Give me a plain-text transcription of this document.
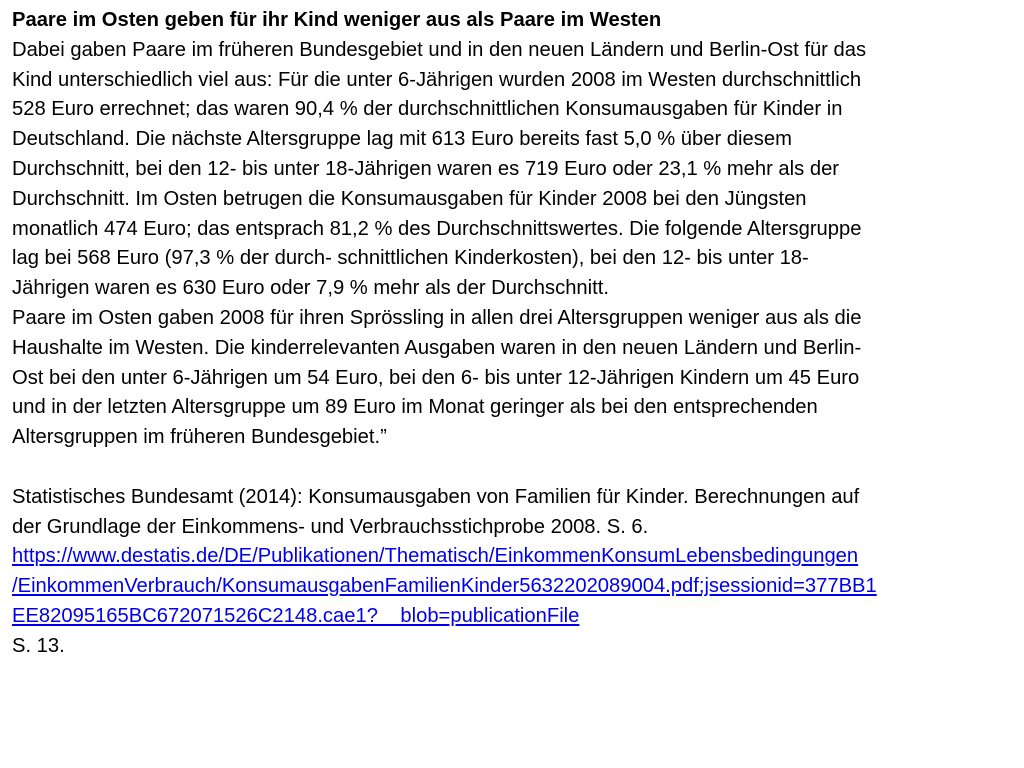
Paare im Osten geben für ihr Kind weniger aus als Paare im Westen
Dabei gaben Paare im früheren Bundesgebiet und in den neuen Ländern und Berlin-Ost für das
Kind unterschiedlich viel aus: Für die unter 6-Jährigen wurden 2008 im Westen durchschnittlich
528 Euro errechnet; das waren 90,4 % der durchschnittlichen Konsumausgaben für Kinder in
Deutschland. Die nächste Altersgruppe lag mit 613 Euro bereits fast 5,0 % über diesem
Durchschnitt, bei den 12- bis unter 18-Jährigen waren es 719 Euro oder 23,1 % mehr als der
Durchschnitt. Im Osten betrugen die Konsumausgaben für Kinder 2008 bei den Jüngsten
monatlich 474 Euro; das entsprach 81,2 % des Durchschnittswertes. Die folgende Altersgruppe
lag bei 568 Euro (97,3 % der durch- schnittlichen Kinderkosten), bei den 12- bis unter 18-
Jährigen waren es 630 Euro oder 7,9 % mehr als der Durchschnitt.
Paare im Osten gaben 2008 für ihren Sprössling in allen drei Altersgruppen weniger aus als die
Haushalte im Westen. Die kinderrelevanten Ausgaben waren in den neuen Ländern und Berlin-
Ost bei den unter 6-Jährigen um 54 Euro, bei den 6- bis unter 12-Jährigen Kindern um 45 Euro
und in der letzten Altersgruppe um 89 Euro im Monat geringer als bei den entsprechenden
Altersgruppen im früheren Bundesgebiet.”
Statistisches Bundesamt (2014): Konsumausgaben von Familien für Kinder. Berechnungen auf
der Grundlage der Einkommens- und Verbrauchsstichprobe 2008. S. 6.
https://www.destatis.de/DE/Publikationen/Thematisch/EinkommenKonsumLebensbedingungen
/EinkommenVerbrauch/KonsumausgabenFamilienKinder5632202089004.pdf;jsessionid=377BB1
EE82095165BC672071526C2148.cae1?__blob=publicationFile
S. 13.
